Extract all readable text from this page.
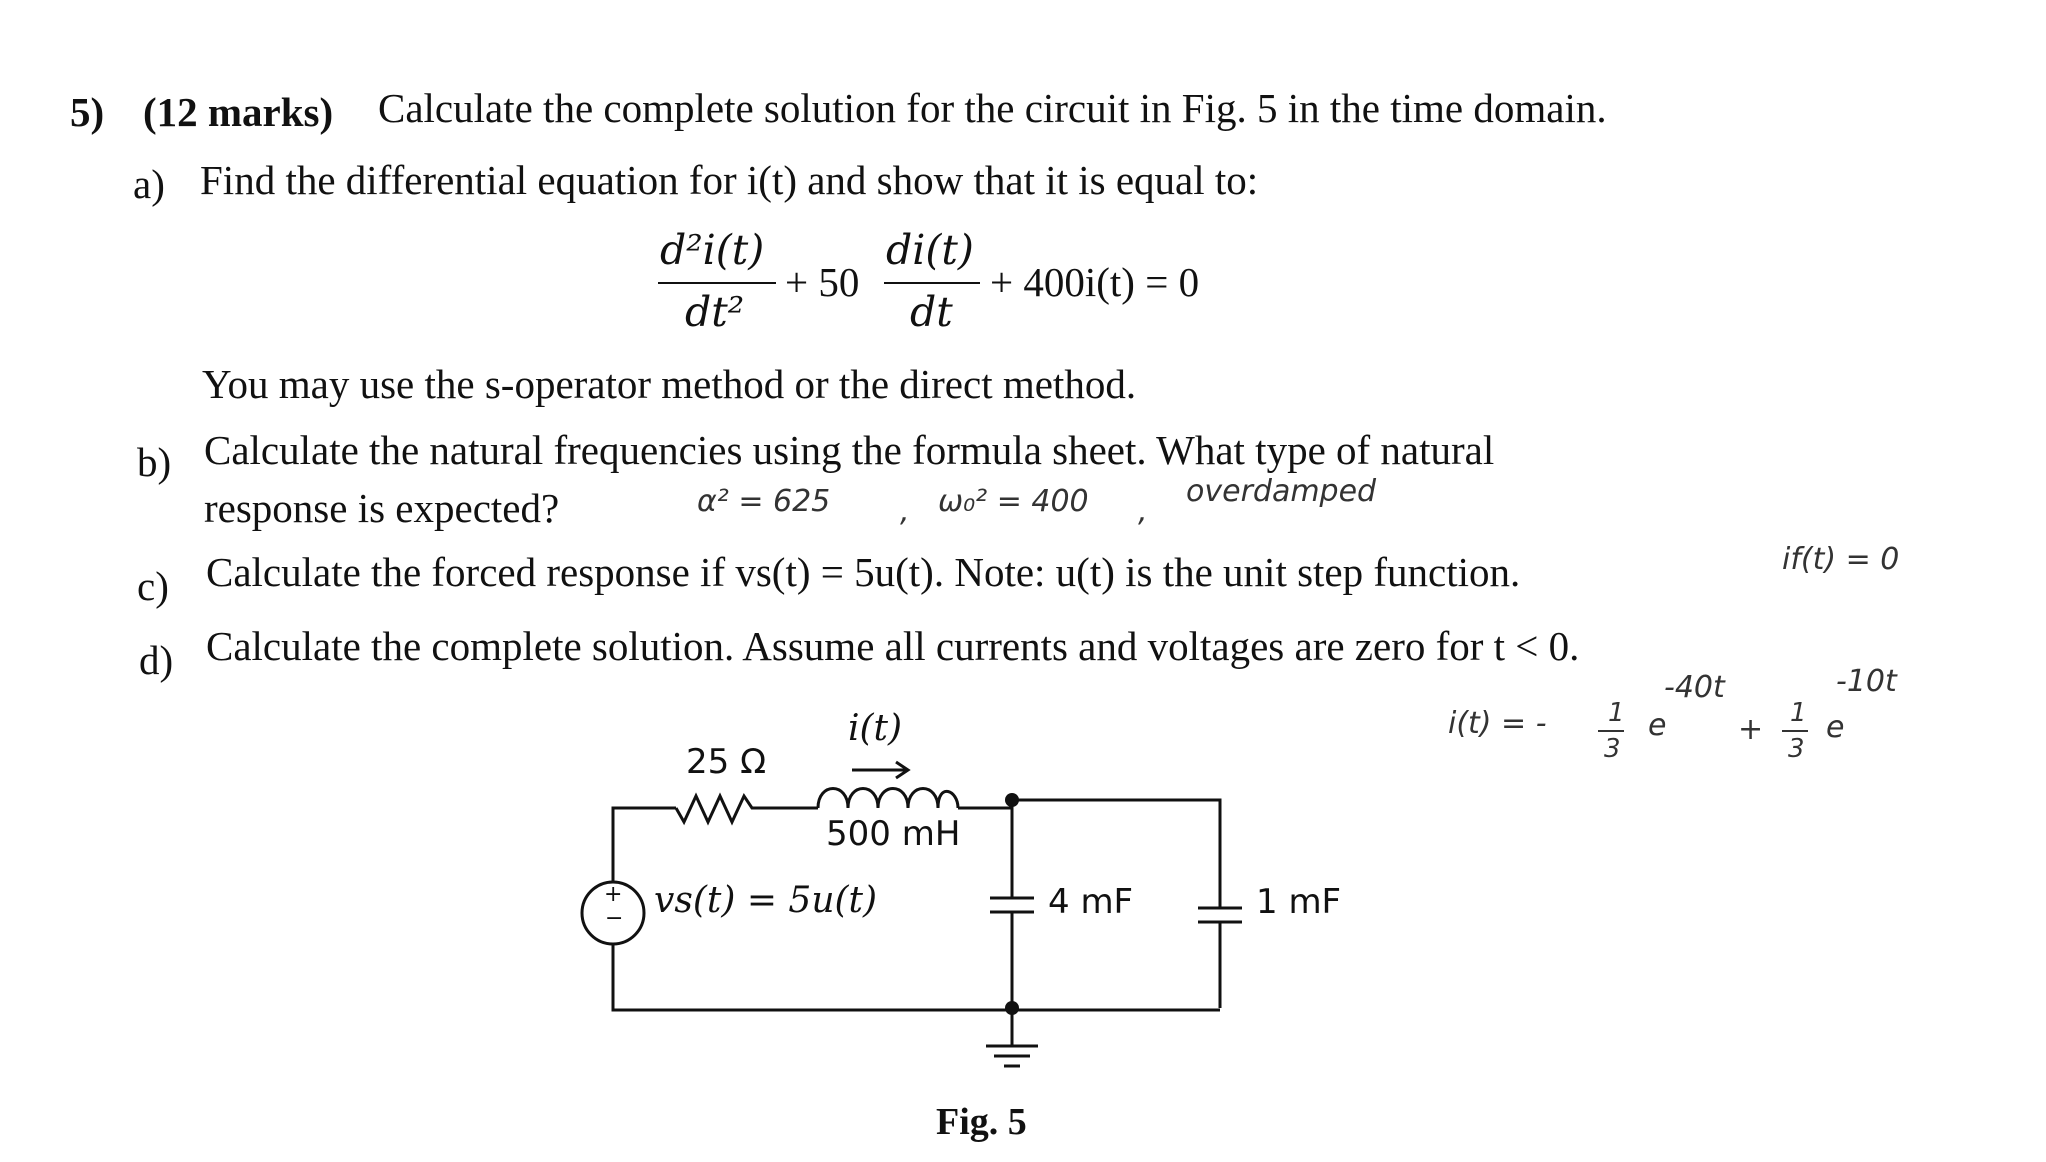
5) (12 marks) Calculate the complete solution for the circuit in Fig. 5 in the time domain.
a) Find the differential equation for i(t) and show that it is equal to:
d²i(t)
dt²
+ 50
di(t)
dt
+ 400i(t) = 0
You may use the s-operator method or the direct method.
b) Calculate the natural frequencies using the formula sheet. What type of natural
response is expected?	α² = 625 , ω₀² = 400 ,
overdamped
c) Calculate the forced response if vs(t) = 5u(t). Note: u(t) is the unit step function.	if(t) = 0
d) Calculate the complete solution. Assume all currents and voltages are zero for t < 0.
i(t) = - 1
3
e
-40t
+ 1
3
e
-10t
25 Ω
i(t)
500 mH
+
− vs(t) = 5u(t)	4 mF	1 mF
Fig. 5
